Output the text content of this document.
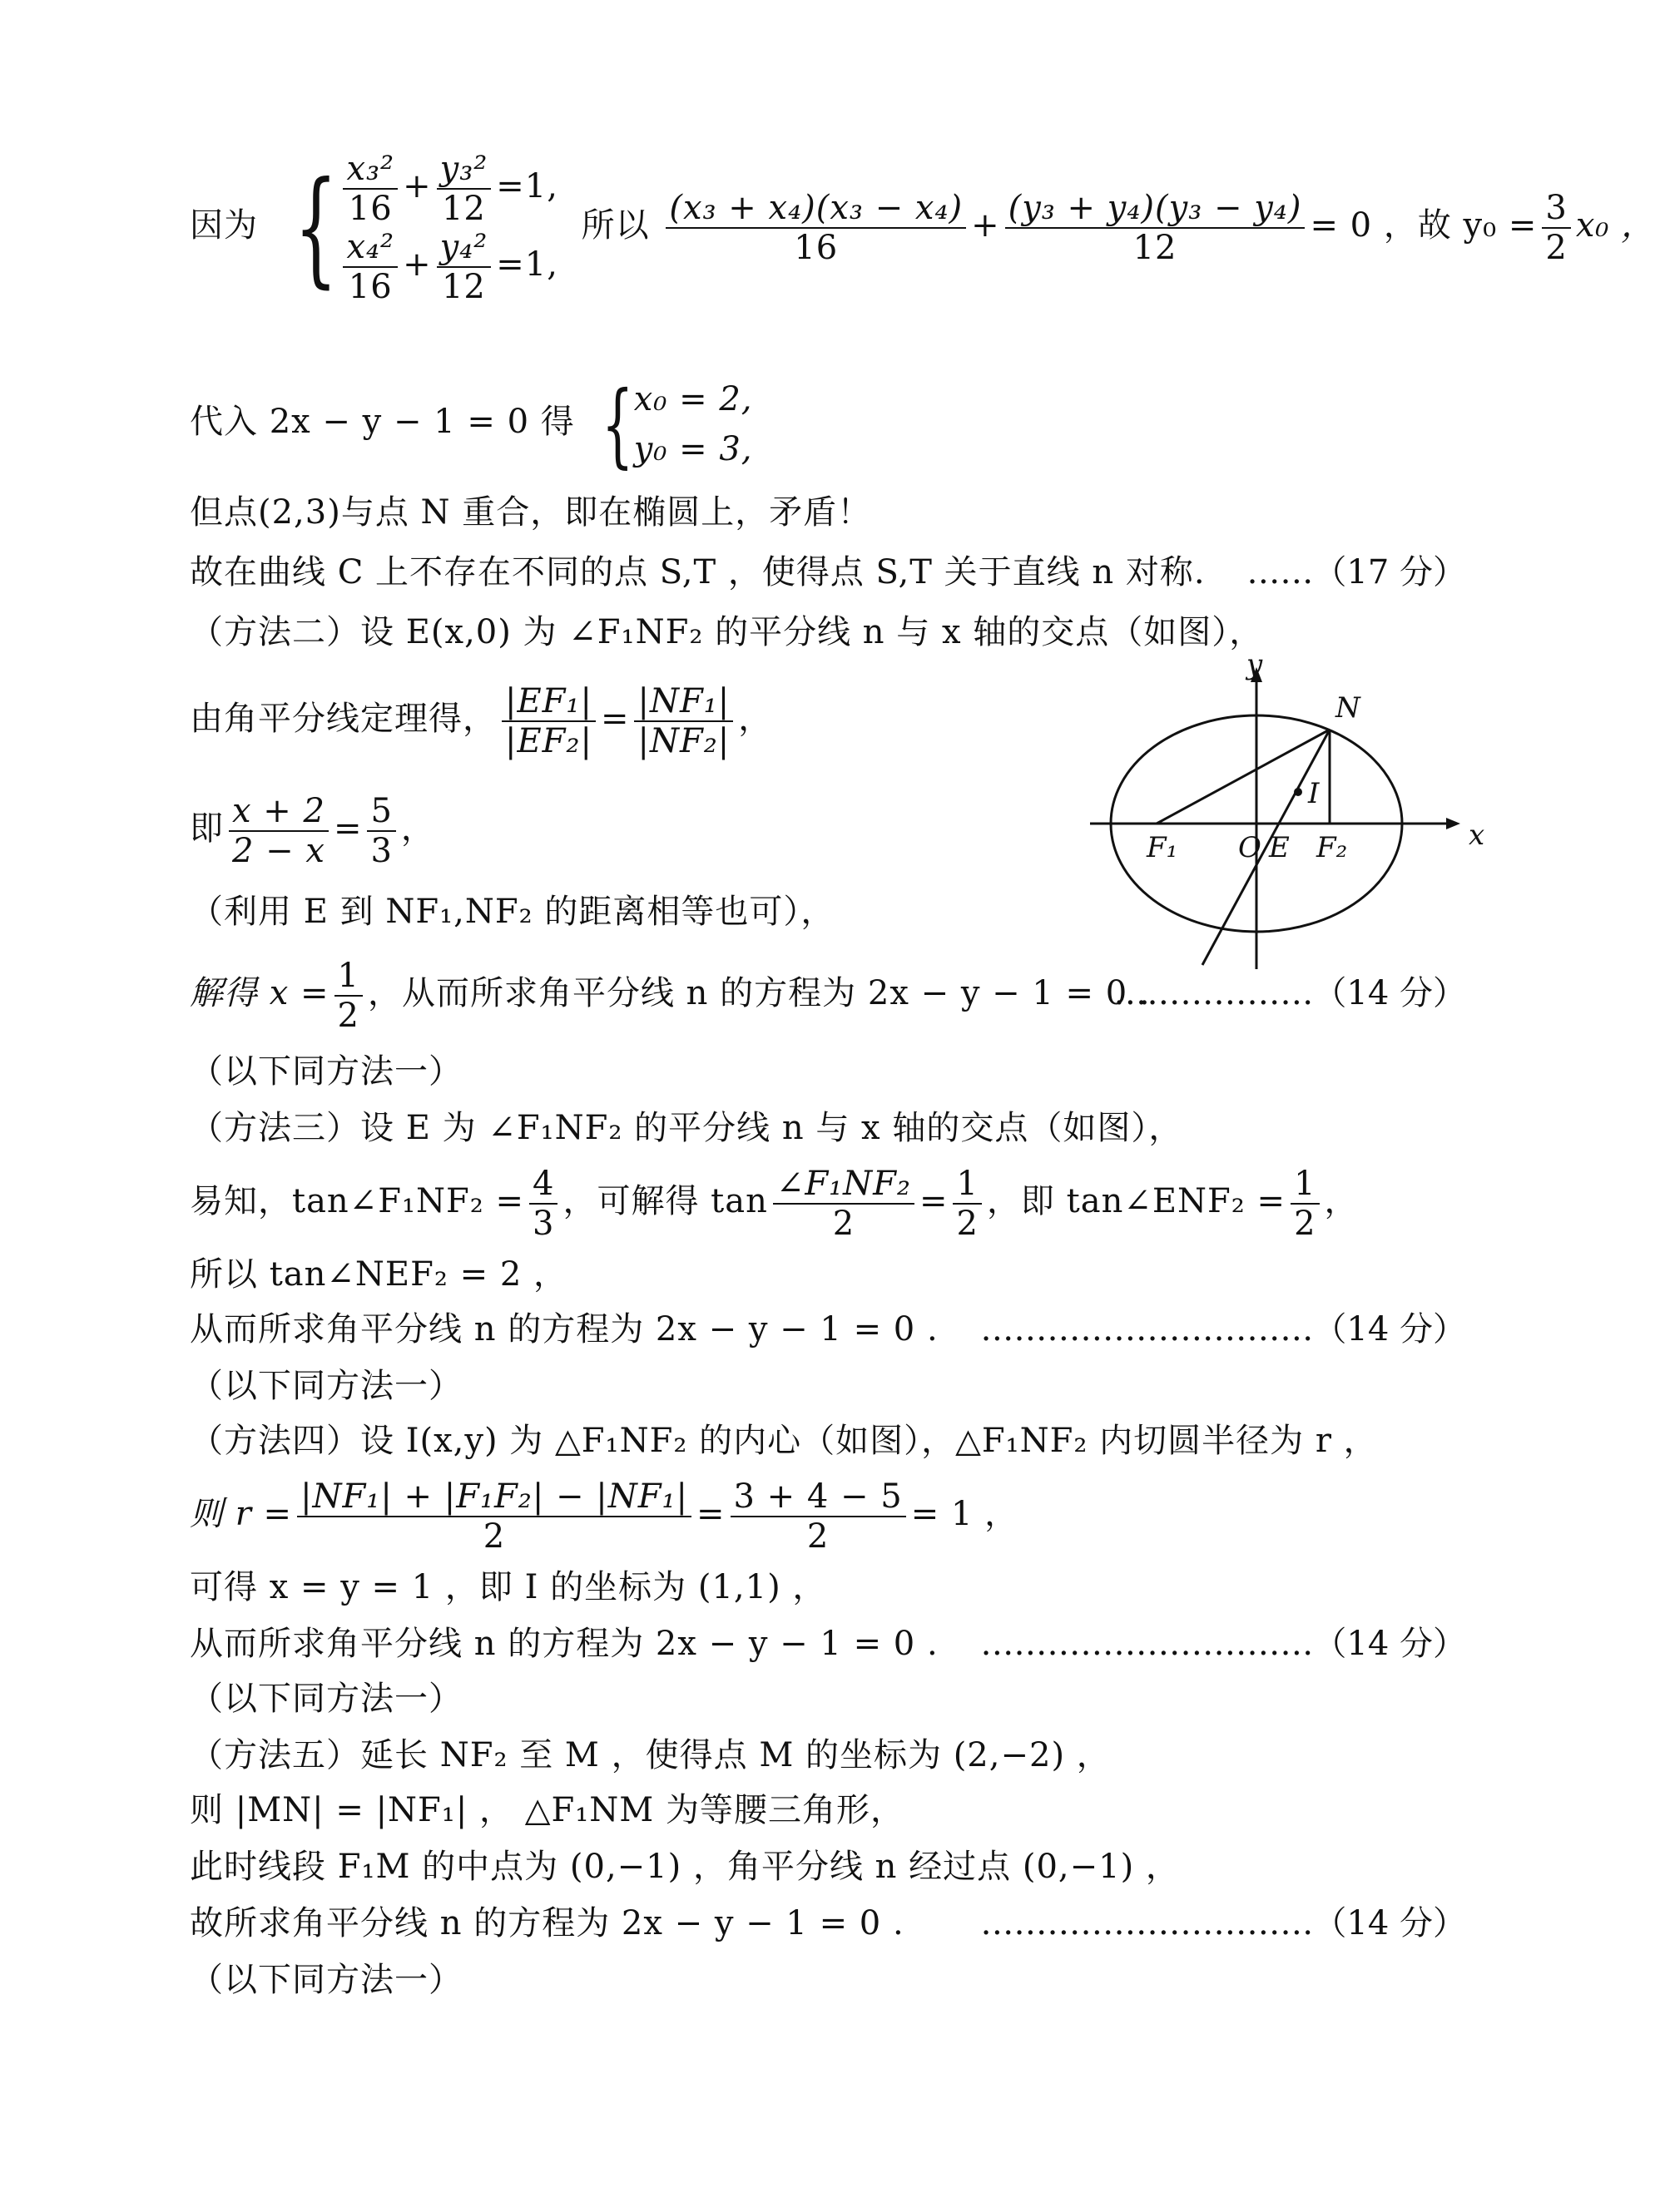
因为 { $\frac{\text{x₃²}}{16} + \frac{\text{y₃²}}{12} =1$,
$\frac{\text{x₄²}}{16} + \frac{\text{y₄²}}{12} =1$,
所以 $\frac{\text{(x₃ + x₄)(x₃ − x₄)}}{16} + \frac{\text{(y₃ + y₄)(y₃ − y₄)}}{12} = 0$ ，故 $y_0 = \frac{3}{2} x_0$ ，
代入 2x − y − 1 = 0 得 { x₀ = 2,
y₀ = 3,
但点(2,3)与点 N 重合，即在椭圆上，矛盾！
故在曲线 C 上不存在不同的点 S,T ，使得点 S,T 关于直线 n 对称. ……（17 分）
（方法二）设 E(x,0) 为 ∠F₁NF₂ 的平分线 n 与 x 轴的交点（如图），
由角平分线定理得， $\frac{\text{|EF₁|}}{\text{|EF₂|}} = \frac{\text{|NF₁|}}{\text{|NF₂|}}$ ，
即 $\frac{x + 2}{2 - x} = \frac{5}{3}$ ，
（利用 E 到 NF₁,NF₂ 的距离相等也可），
解得 $x = \frac{1}{2}$ ，从而所求角平分线 n 的方程为 2x − y − 1 = 0 .
………………（14 分）
（以下同方法一）
（方法三）设 E 为 ∠F₁NF₂ 的平分线 n 与 x 轴的交点（如图），
易知，tan∠F₁NF₂ = $\frac{4}{3}$ ，可解得 $\tan \frac{\text{∠F₁NF₂}}{2} = \frac{1}{2}$ ，即 tan∠ENF₂ = $\frac{1}{2}$ ，
所以 tan∠NEF₂ = 2 ，
从而所求角平分线 n 的方程为 2x − y − 1 = 0 . …………………………（14 分）
（以下同方法一）
（方法四）设 I(x,y) 为 △F₁NF₂ 的内心（如图），△F₁NF₂ 内切圆半径为 r ，
则 $r = \frac{\text{|NF₁| + |F₁F₂| − |NF₁|}}{2} = \frac{3 + 4 - 5}{2} = 1$ ，
可得 x = y = 1 ，即 I 的坐标为 (1,1) ，
从而所求角平分线 n 的方程为 2x − y − 1 = 0 . …………………………（14 分）
（以下同方法一）
（方法五）延长 NF₂ 至 M ，使得点 M 的坐标为 (2,−2) ，
则 |MN| = |NF₁| ， △F₁NM 为等腰三角形，
此时线段 F₁M 的中点为 (0,−1) ，角平分线 n 经过点 (0,−1) ，
故所求角平分线 n 的方程为 2x − y − 1 = 0 . …………………………（14 分）
（以下同方法一）
y
x
N
I
F₁ O E F₂
